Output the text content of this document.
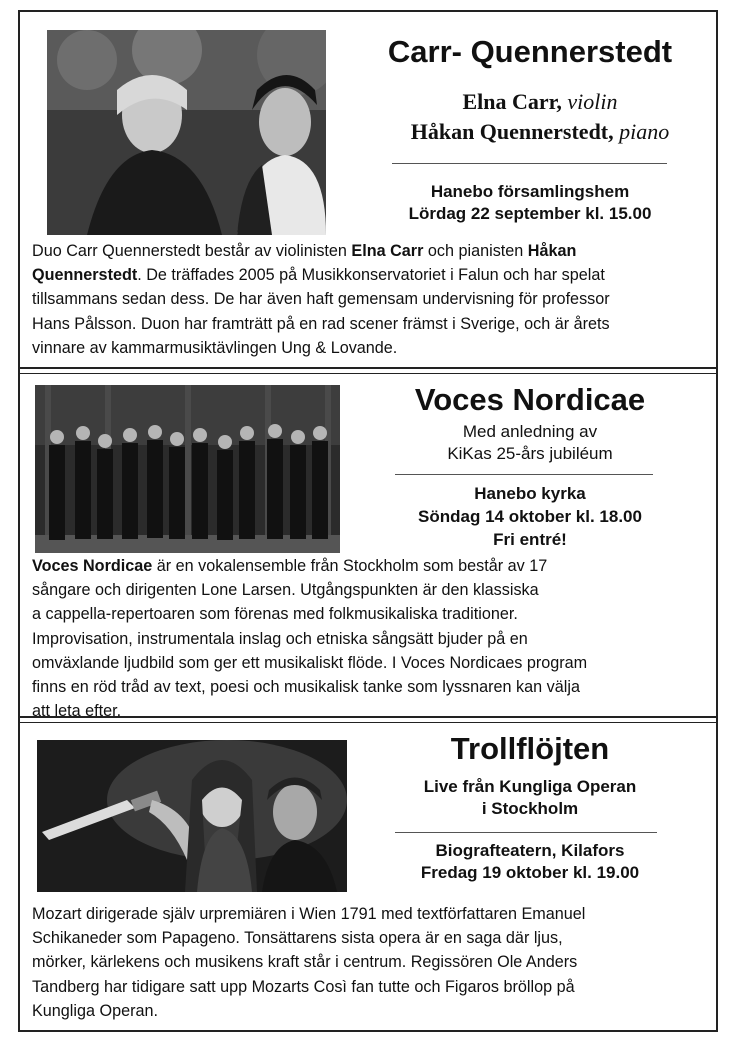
Carr- Quennerstedt
Elna Carr, violin
Håkan Quennerstedt, piano
Hanebo församlingshem
Lördag 22 september kl. 15.00
Duo Carr Quennerstedt består av violinisten Elna Carr och pianisten Håkan
Quennerstedt. De träffades 2005 på Musikkonservatoriet i Falun och har spelat
tillsammans sedan dess. De har även haft gemensam undervisning för professor
Hans Pålsson. Duon har framträtt på en rad scener främst i Sverige, och är årets
vinnare av kammarmusiktävlingen Ung & Lovande.
Voces Nordicae
Med anledning av
KiKas 25-års jubiléum
Hanebo kyrka
Söndag 14 oktober kl. 18.00
Fri entré!
Voces Nordicae är en vokalensemble från Stockholm som består av 17
sångare och dirigenten Lone Larsen. Utgångspunkten är den klassiska
a cappella-repertoaren som förenas med folkmusikaliska traditioner.
Improvisation, instrumentala inslag och etniska sångsätt bjuder på en
omväxlande ljudbild som ger ett musikaliskt flöde. I Voces Nordicaes program
finns en röd tråd av text, poesi och musikalisk tanke som lyssnaren kan välja
att leta efter.
Trollflöjten
Live från Kungliga Operan
i Stockholm
Biografteatern, Kilafors
Fredag 19 oktober kl. 19.00
Mozart dirigerade själv urpremiären i Wien 1791 med textförfattaren Emanuel
Schikaneder som Papageno. Tonsättarens sista opera är en saga där ljus,
mörker, kärlekens och musikens kraft står i centrum. Regissören Ole Anders
Tandberg har tidigare satt upp Mozarts Così fan tutte och Figaros bröllop på
Kungliga Operan.
